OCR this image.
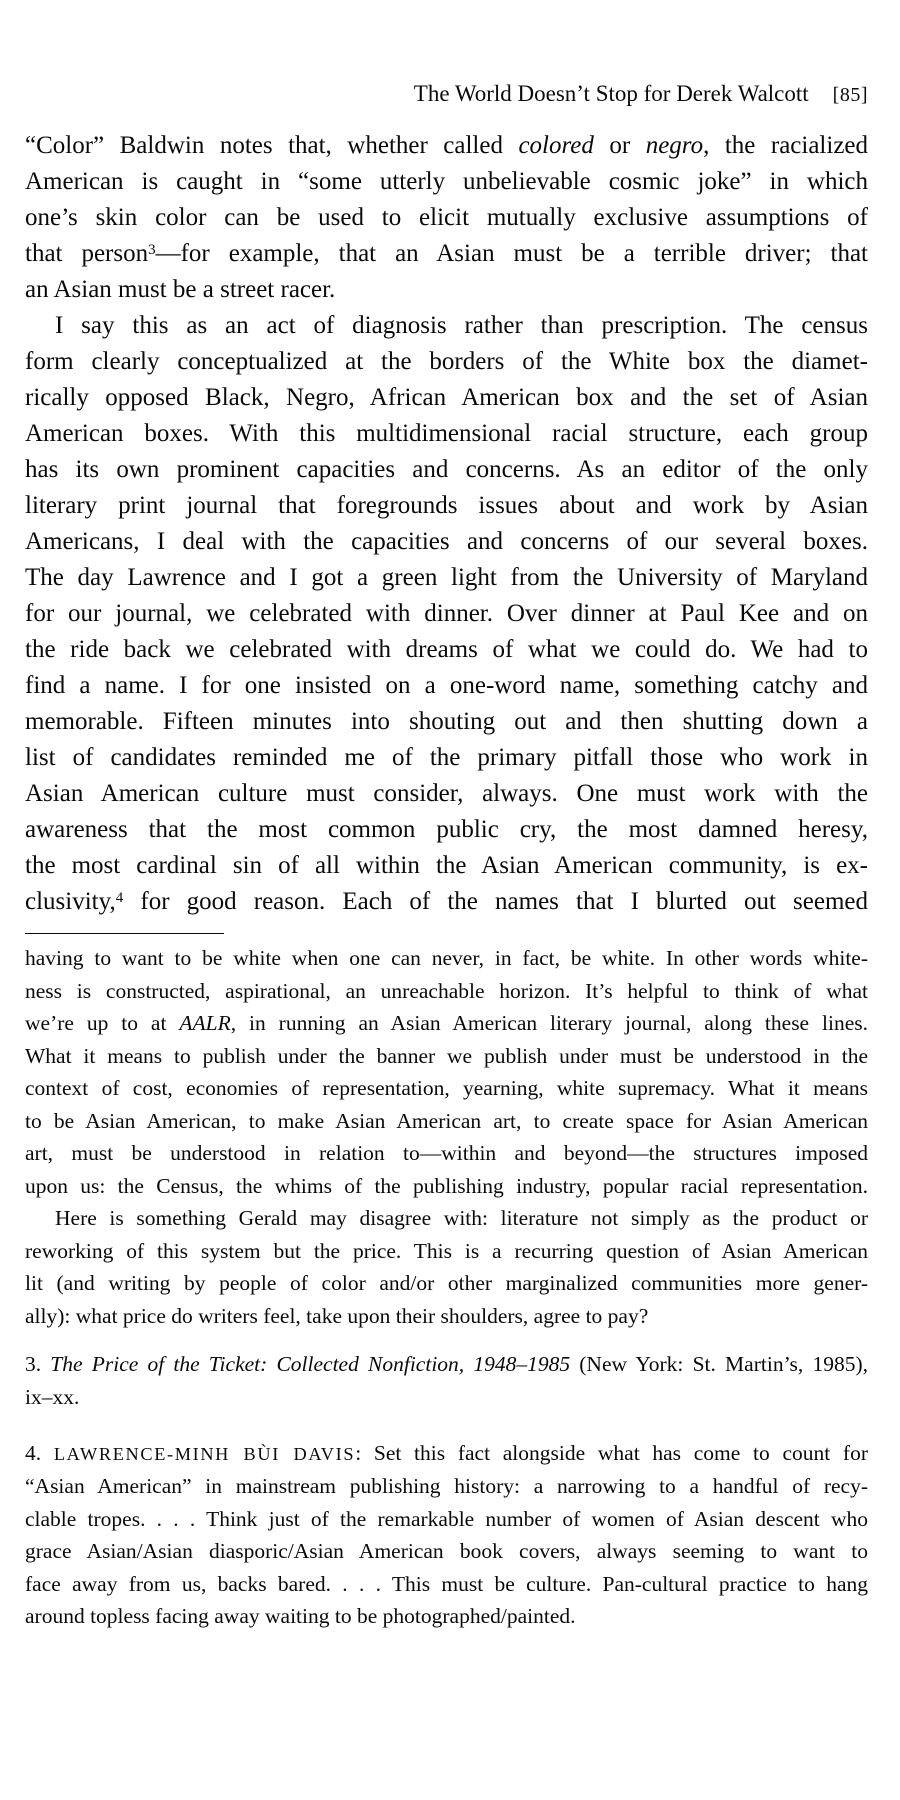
The World Doesn’t Stop for Derek Walcott [85]
“Color” Baldwin notes that, whether called colored or negro, the racialized
American is caught in “some utterly unbelievable cosmic joke” in which
one’s skin color can be used to elicit mutually exclusive assumptions of
that person$^3$—for example, that an Asian must be a terrible driver; that
an Asian must be a street racer.
I say this as an act of diagnosis rather than prescription. The census
form clearly conceptualized at the borders of the White box the diamet-
rically opposed Black, Negro, African American box and the set of Asian
American boxes. With this multidimensional racial structure, each group
has its own prominent capacities and concerns. As an editor of the only
literary print journal that foregrounds issues about and work by Asian
Americans, I deal with the capacities and concerns of our several boxes.
The day Lawrence and I got a green light from the University of Maryland
for our journal, we celebrated with dinner. Over dinner at Paul Kee and on
the ride back we celebrated with dreams of what we could do. We had to
find a name. I for one insisted on a one-word name, something catchy and
memorable. Fifteen minutes into shouting out and then shutting down a
list of candidates reminded me of the primary pitfall those who work in
Asian American culture must consider, always. One must work with the
awareness that the most common public cry, the most damned heresy,
the most cardinal sin of all within the Asian American community, is ex-
clusivity,$^4$ for good reason. Each of the names that I blurted out seemed
having to want to be white when one can never, in fact, be white. In other words white-
ness is constructed, aspirational, an unreachable horizon. It’s helpful to think of what
we’re up to at AALR, in running an Asian American literary journal, along these lines.
What it means to publish under the banner we publish under must be understood in the
context of cost, economies of representation, yearning, white supremacy. What it means
to be Asian American, to make Asian American art, to create space for Asian American
art, must be understood in relation to—within and beyond—the structures imposed
upon us: the Census, the whims of the publishing industry, popular racial representation.
Here is something Gerald may disagree with: literature not simply as the product or
reworking of this system but the price. This is a recurring question of Asian American
lit (and writing by people of color and/or other marginalized communities more gener-
ally): what price do writers feel, take upon their shoulders, agree to pay?
3. The Price of the Ticket: Collected Nonfiction, 1948–1985 (New York: St. Martin’s, 1985),
ix–xx.
4. LAWRENCE-MINH BÙI DAVIS: Set this fact alongside what has come to count for
“Asian American” in mainstream publishing history: a narrowing to a handful of recy-
clable tropes. . . . Think just of the remarkable number of women of Asian descent who
grace Asian/Asian diasporic/Asian American book covers, always seeming to want to
face away from us, backs bared. . . . This must be culture. Pan-cultural practice to hang
around topless facing away waiting to be photographed/painted.
